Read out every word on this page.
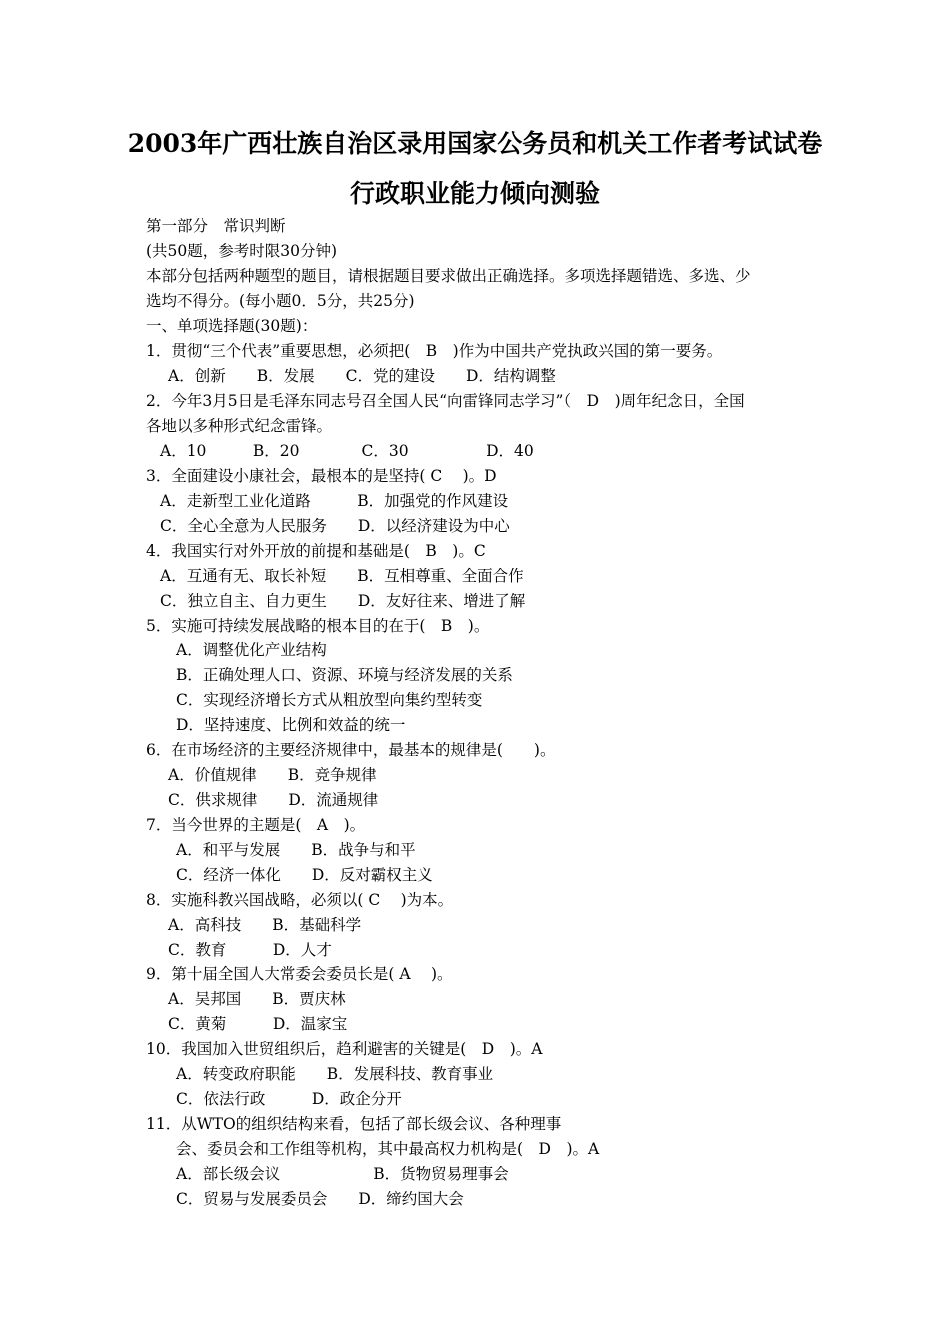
2003年广西壮族自治区录用国家公务员和机关工作者考试试卷
行政职业能力倾向测验
第一部分　常识判断
(共50题，参考时限30分钟)
本部分包括两种题型的题目，请根据题目要求做出正确选择。多项选择题错选、多选、少
选均不得分。(每小题0．5分，共25分)
一、单项选择题(30题)：
1．贯彻“三个代表”重要思想，必须把(　B　)作为中国共产党执政兴国的第一要务。
A．创新　　B．发展　　C．党的建设　　D．结构调整
2．今年3月5日是毛泽东同志号召全国人民“向雷锋同志学习”（　D　)周年纪念日，全国
各地以多种形式纪念雷锋。
A．10　　　B．20　　　　C．30　　　　　D．40
3．全面建设小康社会，最根本的是坚持( C　 )。D
A．走新型工业化道路　　　B．加强党的作风建设
C．全心全意为人民服务　　D．以经济建设为中心
4．我国实行对外开放的前提和基础是(　B　)。C
A．互通有无、取长补短　　B．互相尊重、全面合作
C．独立自主、自力更生　　D．友好往来、增进了解
5．实施可持续发展战略的根本目的在于(　B　)。
A．调整优化产业结构
B．正确处理人口、资源、环境与经济发展的关系
C．实现经济增长方式从粗放型向集约型转变
D．坚持速度、比例和效益的统一
6．在市场经济的主要经济规律中，最基本的规律是(　　)。
A．价值规律　　B．竞争规律
C．供求规律　　D．流通规律
7．当今世界的主题是(　A　)。
A．和平与发展　　B．战争与和平
C．经济一体化　　D．反对霸权主义
8．实施科教兴国战略，必须以( C　 )为本。
A．高科技　　B．基础科学
C．教育　　　D．人才
9．第十届全国人大常委会委员长是( A　 )。
A．吴邦国　　B．贾庆林
C．黄菊　　　D．温家宝
10．我国加入世贸组织后，趋利避害的关键是(　D　)。A
A．转变政府职能　　B．发展科技、教育事业
C．依法行政　　　D．政企分开
11．从WTO的组织结构来看，包括了部长级会议、各种理事
会、委员会和工作组等机构，其中最高权力机构是(　D　)。A
A．部长级会议　　　　　　B．货物贸易理事会
C．贸易与发展委员会　　D．缔约国大会
